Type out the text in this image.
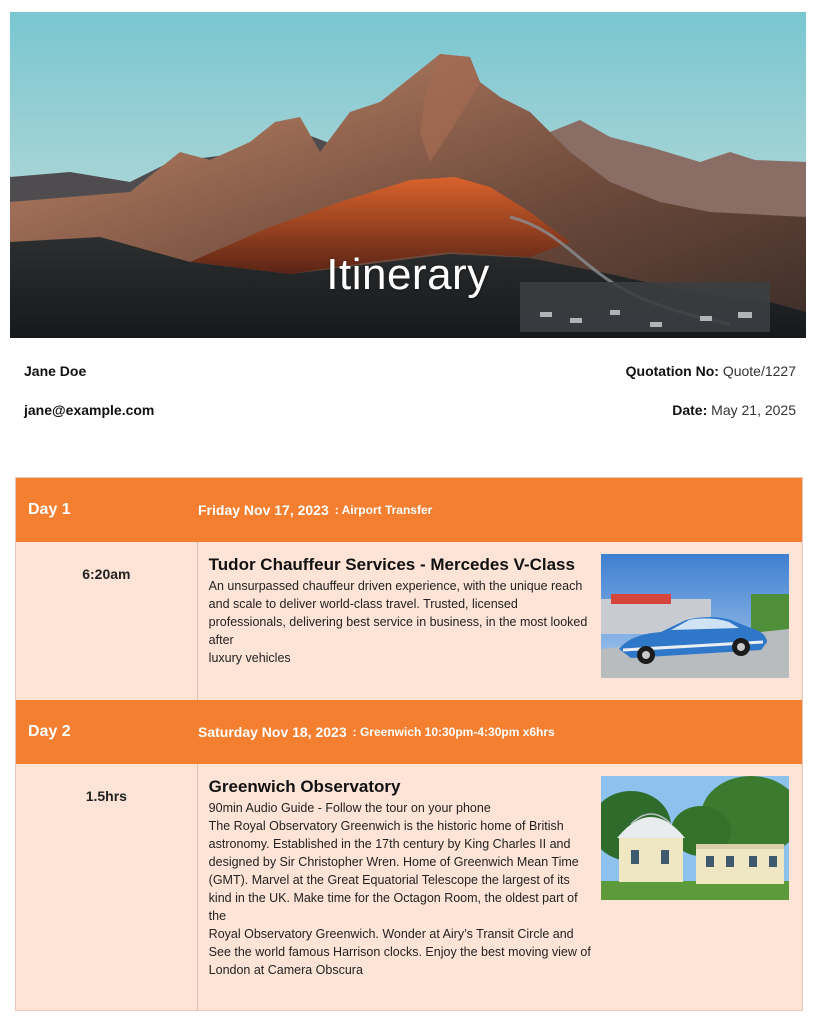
Itinerary
Jane Doe
jane@example.com
Quotation No: Quote/1227
Date: May 21, 2025
Day 1	Friday Nov 17, 2023 : Airport Transfer
6:20am	Tudor Chauffeur Services - Mercedes V-Class
An unsurpassed chauffeur driven experience, with the unique reach and scale to deliver world-class travel. Trusted, licensed professionals, delivering best service in business, in the most looked after
luxury vehicles
Day 2	Saturday Nov 18, 2023 : Greenwich 10:30pm-4:30pm x6hrs
1.5hrs	Greenwich Observatory
90min Audio Guide - Follow the tour on your phone
The Royal Observatory Greenwich is the historic home of British astronomy. Established in the 17th century by King Charles II and designed by Sir Christopher Wren. Home of Greenwich Mean Time (GMT). Marvel at the Great Equatorial Telescope the largest of its kind in the UK. Make time for the Octagon Room, the oldest part of the
Royal Observatory Greenwich. Wonder at Airy’s Transit Circle and See the world famous Harrison clocks. Enjoy the best moving view of London at Camera Obscura
